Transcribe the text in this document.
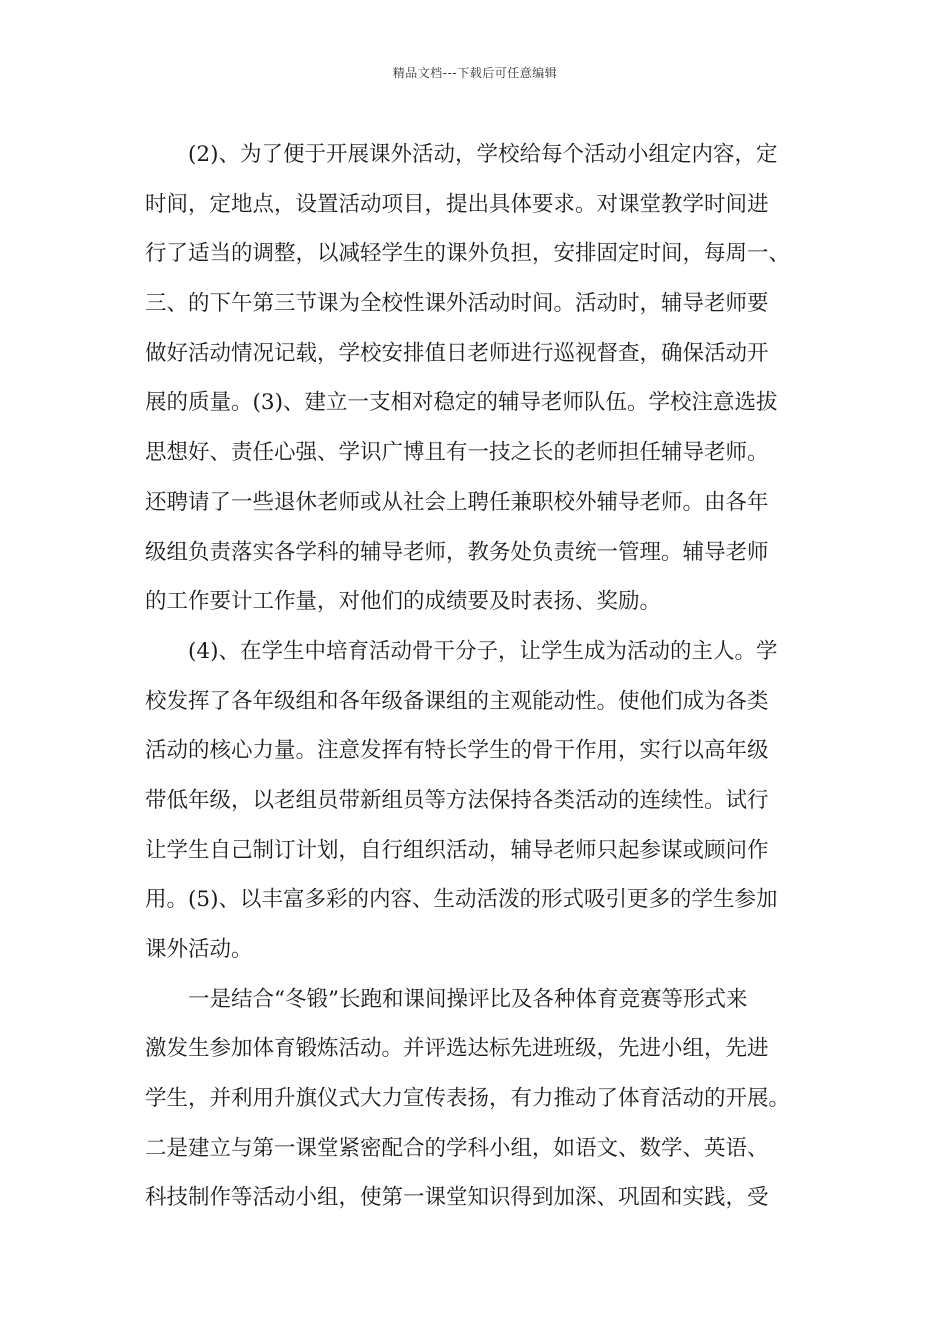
精品文档---下载后可任意编辑
(2)、为了便于开展课外活动，学校给每个活动小组定内容，定
时间，定地点，设置活动项目，提出具体要求。对课堂教学时间进
行了适当的调整，以减轻学生的课外负担，安排固定时间，每周一、
三、的下午第三节课为全校性课外活动时间。活动时，辅导老师要
做好活动情况记载，学校安排值日老师进行巡视督查，确保活动开
展的质量。(3)、建立一支相对稳定的辅导老师队伍。学校注意选拔
思想好、责任心强、学识广博且有一技之长的老师担任辅导老师。
还聘请了一些退休老师或从社会上聘任兼职校外辅导老师。由各年
级组负责落实各学科的辅导老师，教务处负责统一管理。辅导老师
的工作要计工作量，对他们的成绩要及时表扬、奖励。
(4)、在学生中培育活动骨干分子，让学生成为活动的主人。学
校发挥了各年级组和各年级备课组的主观能动性。使他们成为各类
活动的核心力量。注意发挥有特长学生的骨干作用，实行以高年级
带低年级，以老组员带新组员等方法保持各类活动的连续性。试行
让学生自己制订计划，自行组织活动，辅导老师只起参谋或顾问作
用。(5)、以丰富多彩的内容、生动活泼的形式吸引更多的学生参加
课外活动。
一是结合“冬锻”长跑和课间操评比及各种体育竞赛等形式来
激发生参加体育锻炼活动。并评选达标先进班级，先进小组，先进
学生，并利用升旗仪式大力宣传表扬，有力推动了体育活动的开展。
二是建立与第一课堂紧密配合的学科小组，如语文、数学、英语、
科技制作等活动小组，使第一课堂知识得到加深、巩固和实践，受
